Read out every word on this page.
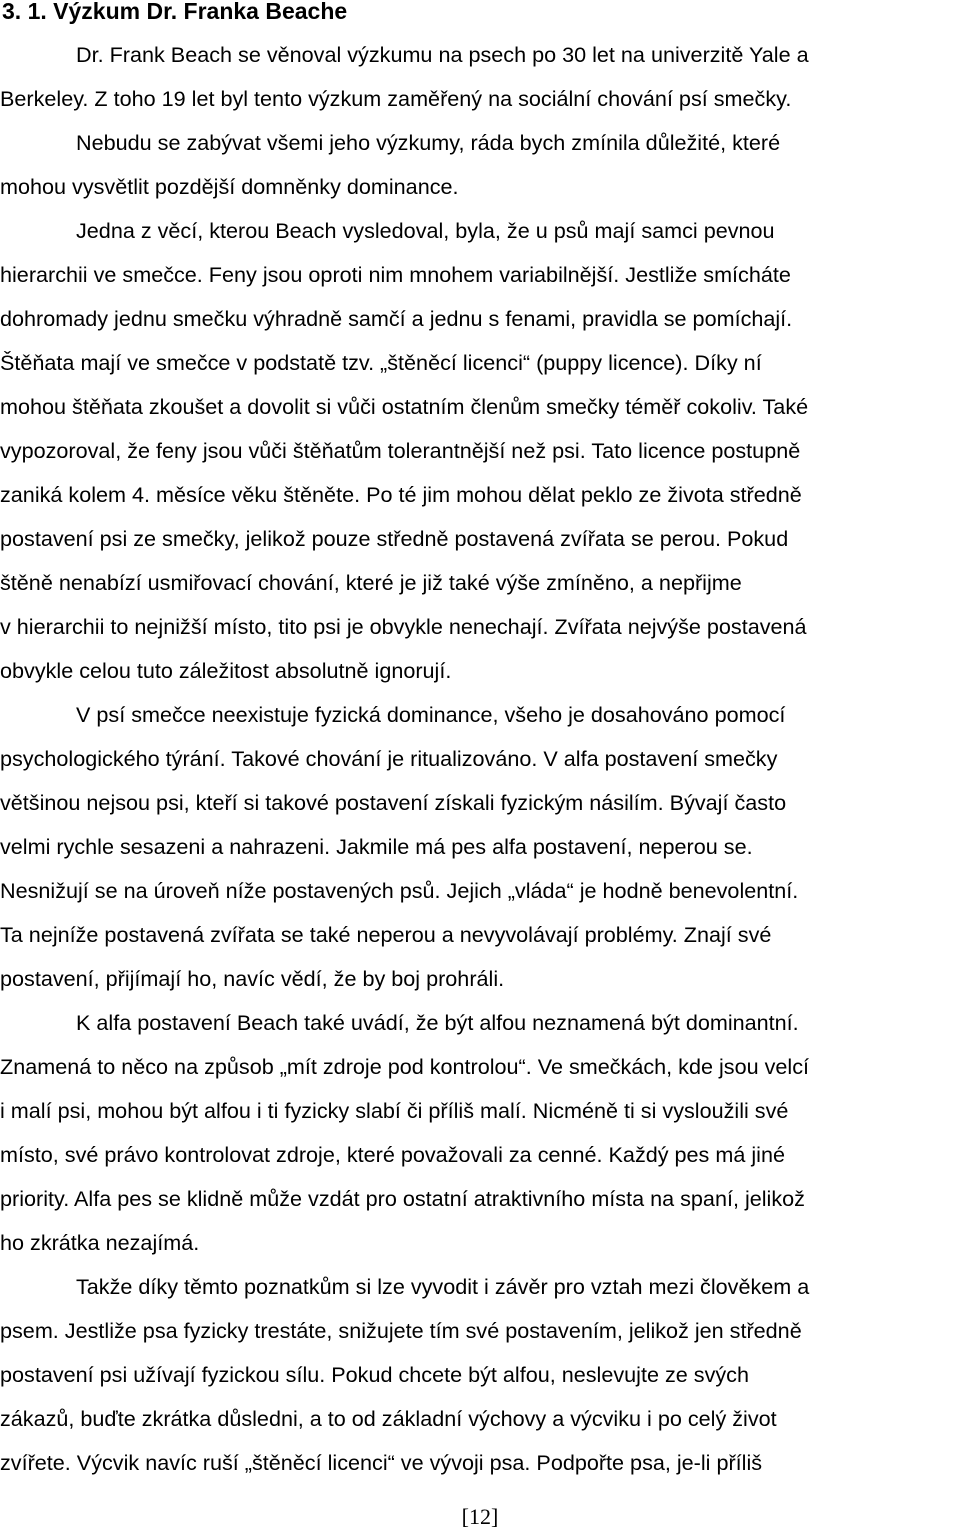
3. 1. Výzkum Dr. Franka Beache
Dr. Frank Beach se věnoval výzkumu na psech po 30 let na univerzitě Yale a
Berkeley. Z toho 19 let byl tento výzkum zaměřený na sociální chování psí smečky.
Nebudu se zabývat všemi jeho výzkumy, ráda bych zmínila důležité, které
mohou vysvětlit pozdější domněnky dominance.
Jedna z věcí, kterou Beach vysledoval, byla, že u psů mají samci pevnou
hierarchii ve smečce. Feny jsou oproti nim mnohem variabilnější. Jestliže smícháte
dohromady jednu smečku výhradně samčí a jednu s fenami, pravidla se pomíchají.
Štěňata mají ve smečce v podstatě tzv. „štěněcí licenci“ (puppy licence). Díky ní
mohou štěňata zkoušet a dovolit si vůči ostatním členům smečky téměř cokoliv. Také
vypozoroval, že feny jsou vůči štěňatům tolerantnější než psi. Tato licence postupně
zaniká kolem 4. měsíce věku štěněte. Po té jim mohou dělat peklo ze života středně
postavení psi ze smečky, jelikož pouze středně postavená zvířata se perou. Pokud
štěně nenabízí usmiřovací chování, které je již také výše zmíněno, a nepřijme
v hierarchii to nejnižší místo, tito psi je obvykle nenechají. Zvířata nejvýše postavená
obvykle celou tuto záležitost absolutně ignorují.
V psí smečce neexistuje fyzická dominance, všeho je dosahováno pomocí
psychologického týrání. Takové chování je ritualizováno. V alfa postavení smečky
většinou nejsou psi, kteří si takové postavení získali fyzickým násilím. Bývají často
velmi rychle sesazeni a nahrazeni. Jakmile má pes alfa postavení, neperou se.
Nesnižují se na úroveň níže postavených psů. Jejich „vláda“ je hodně benevolentní.
Ta nejníže postavená zvířata se také neperou a nevyvolávají problémy. Znají své
postavení, přijímají ho, navíc vědí, že by boj prohráli.
K alfa postavení Beach také uvádí, že být alfou neznamená být dominantní.
Znamená to něco na způsob „mít zdroje pod kontrolou“. Ve smečkách, kde jsou velcí
i malí psi, mohou být alfou i ti fyzicky slabí či příliš malí. Nicméně ti si vysloužili své
místo, své právo kontrolovat zdroje, které považovali za cenné. Každý pes má jiné
priority. Alfa pes se klidně může vzdát pro ostatní atraktivního místa na spaní, jelikož
ho zkrátka nezajímá.
Takže díky těmto poznatkům si lze vyvodit i závěr pro vztah mezi člověkem a
psem. Jestliže psa fyzicky trestáte, snižujete tím své postavením, jelikož jen středně
postavení psi užívají fyzickou sílu. Pokud chcete být alfou, neslevujte ze svých
zákazů, buďte zkrátka důsledni, a to od základní výchovy a výcviku i po celý život
zvířete. Výcvik navíc ruší „štěněcí licenci“ ve vývoji psa. Podpořte psa, je-li příliš
[12]
